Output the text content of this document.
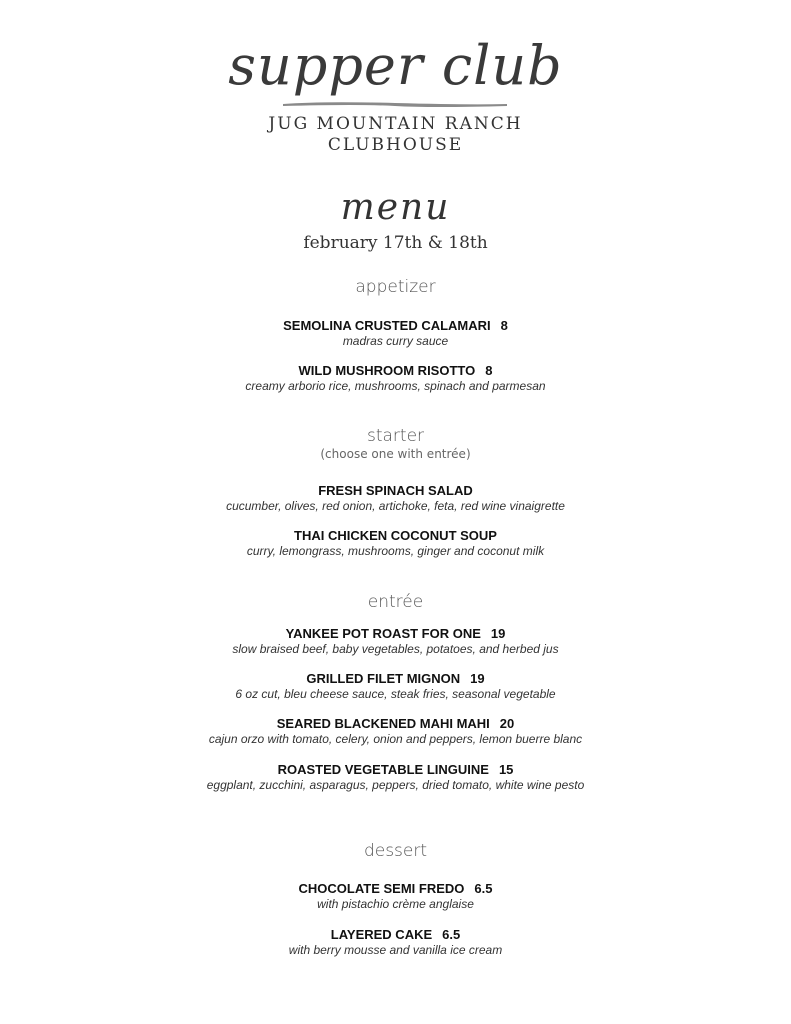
supper club
JUG MOUNTAIN RANCH
CLUBHOUSE
menu
february 17th & 18th
appetizer
SEMOLINA CRUSTED CALAMARI 8
madras curry sauce
WILD MUSHROOM RISOTTO 8
creamy arborio rice, mushrooms, spinach and parmesan
starter
(choose one with entrée)
FRESH SPINACH SALAD
cucumber, olives, red onion, artichoke, feta, red wine vinaigrette
THAI CHICKEN COCONUT SOUP
curry, lemongrass, mushrooms, ginger and coconut milk
entrée
YANKEE POT ROAST FOR ONE 19
slow braised beef, baby vegetables, potatoes, and herbed jus
GRILLED FILET MIGNON 19
6 oz cut, bleu cheese sauce, steak fries, seasonal vegetable
SEARED BLACKENED MAHI MAHI 20
cajun orzo with tomato, celery, onion and peppers, lemon buerre blanc
ROASTED VEGETABLE LINGUINE 15
eggplant, zucchini, asparagus, peppers, dried tomato, white wine pesto
dessert
CHOCOLATE SEMI FREDO 6.5
with pistachio crème anglaise
LAYERED CAKE 6.5
with berry mousse and vanilla ice cream
